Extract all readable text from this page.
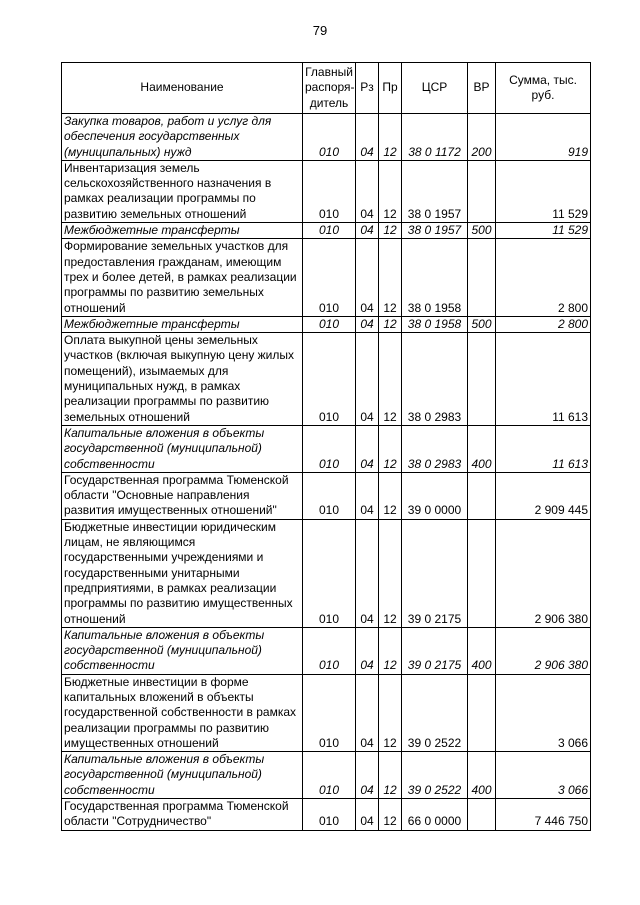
79
Наименование	Главный распоря-дитель	Рз	Пр	ЦСР	ВР	Сумма, тыс. руб.
Закупка товаров, работ и услуг для обеспечения государственных (муниципальных) нужд	010	04	12	38 0 1172	200	919
Инвентаризация земель сельскохозяйственного назначения в рамках реализации программы по развитию земельных отношений	010	04	12	38 0 1957		11 529
Межбюджетные трансферты	010	04	12	38 0 1957	500	11 529
Формирование земельных участков для предоставления гражданам, имеющим трех и более детей, в рамках реализации программы по развитию земельных отношений	010	04	12	38 0 1958		2 800
Межбюджетные трансферты	010	04	12	38 0 1958	500	2 800
Оплата выкупной цены земельных участков (включая выкупную цену жилых помещений), изымаемых для муниципальных нужд, в рамках реализации программы по развитию земельных отношений	010	04	12	38 0 2983		11 613
Капитальные вложения в объекты государственной (муниципальной) собственности	010	04	12	38 0 2983	400	11 613
Государственная программа Тюменской области "Основные направления развития имущественных отношений"	010	04	12	39 0 0000		2 909 445
Бюджетные инвестиции юридическим лицам, не являющимся государственными учреждениями и государственными унитарными предприятиями, в рамках реализации программы по развитию имущественных отношений	010	04	12	39 0 2175		2 906 380
Капитальные вложения в объекты государственной (муниципальной) собственности	010	04	12	39 0 2175	400	2 906 380
Бюджетные инвестиции в форме капитальных вложений в объекты государственной собственности в рамках реализации программы по развитию имущественных отношений	010	04	12	39 0 2522		3 066
Капитальные вложения в объекты государственной (муниципальной) собственности	010	04	12	39 0 2522	400	3 066
Государственная программа Тюменской области "Сотрудничество"	010	04	12	66 0 0000		7 446 750
